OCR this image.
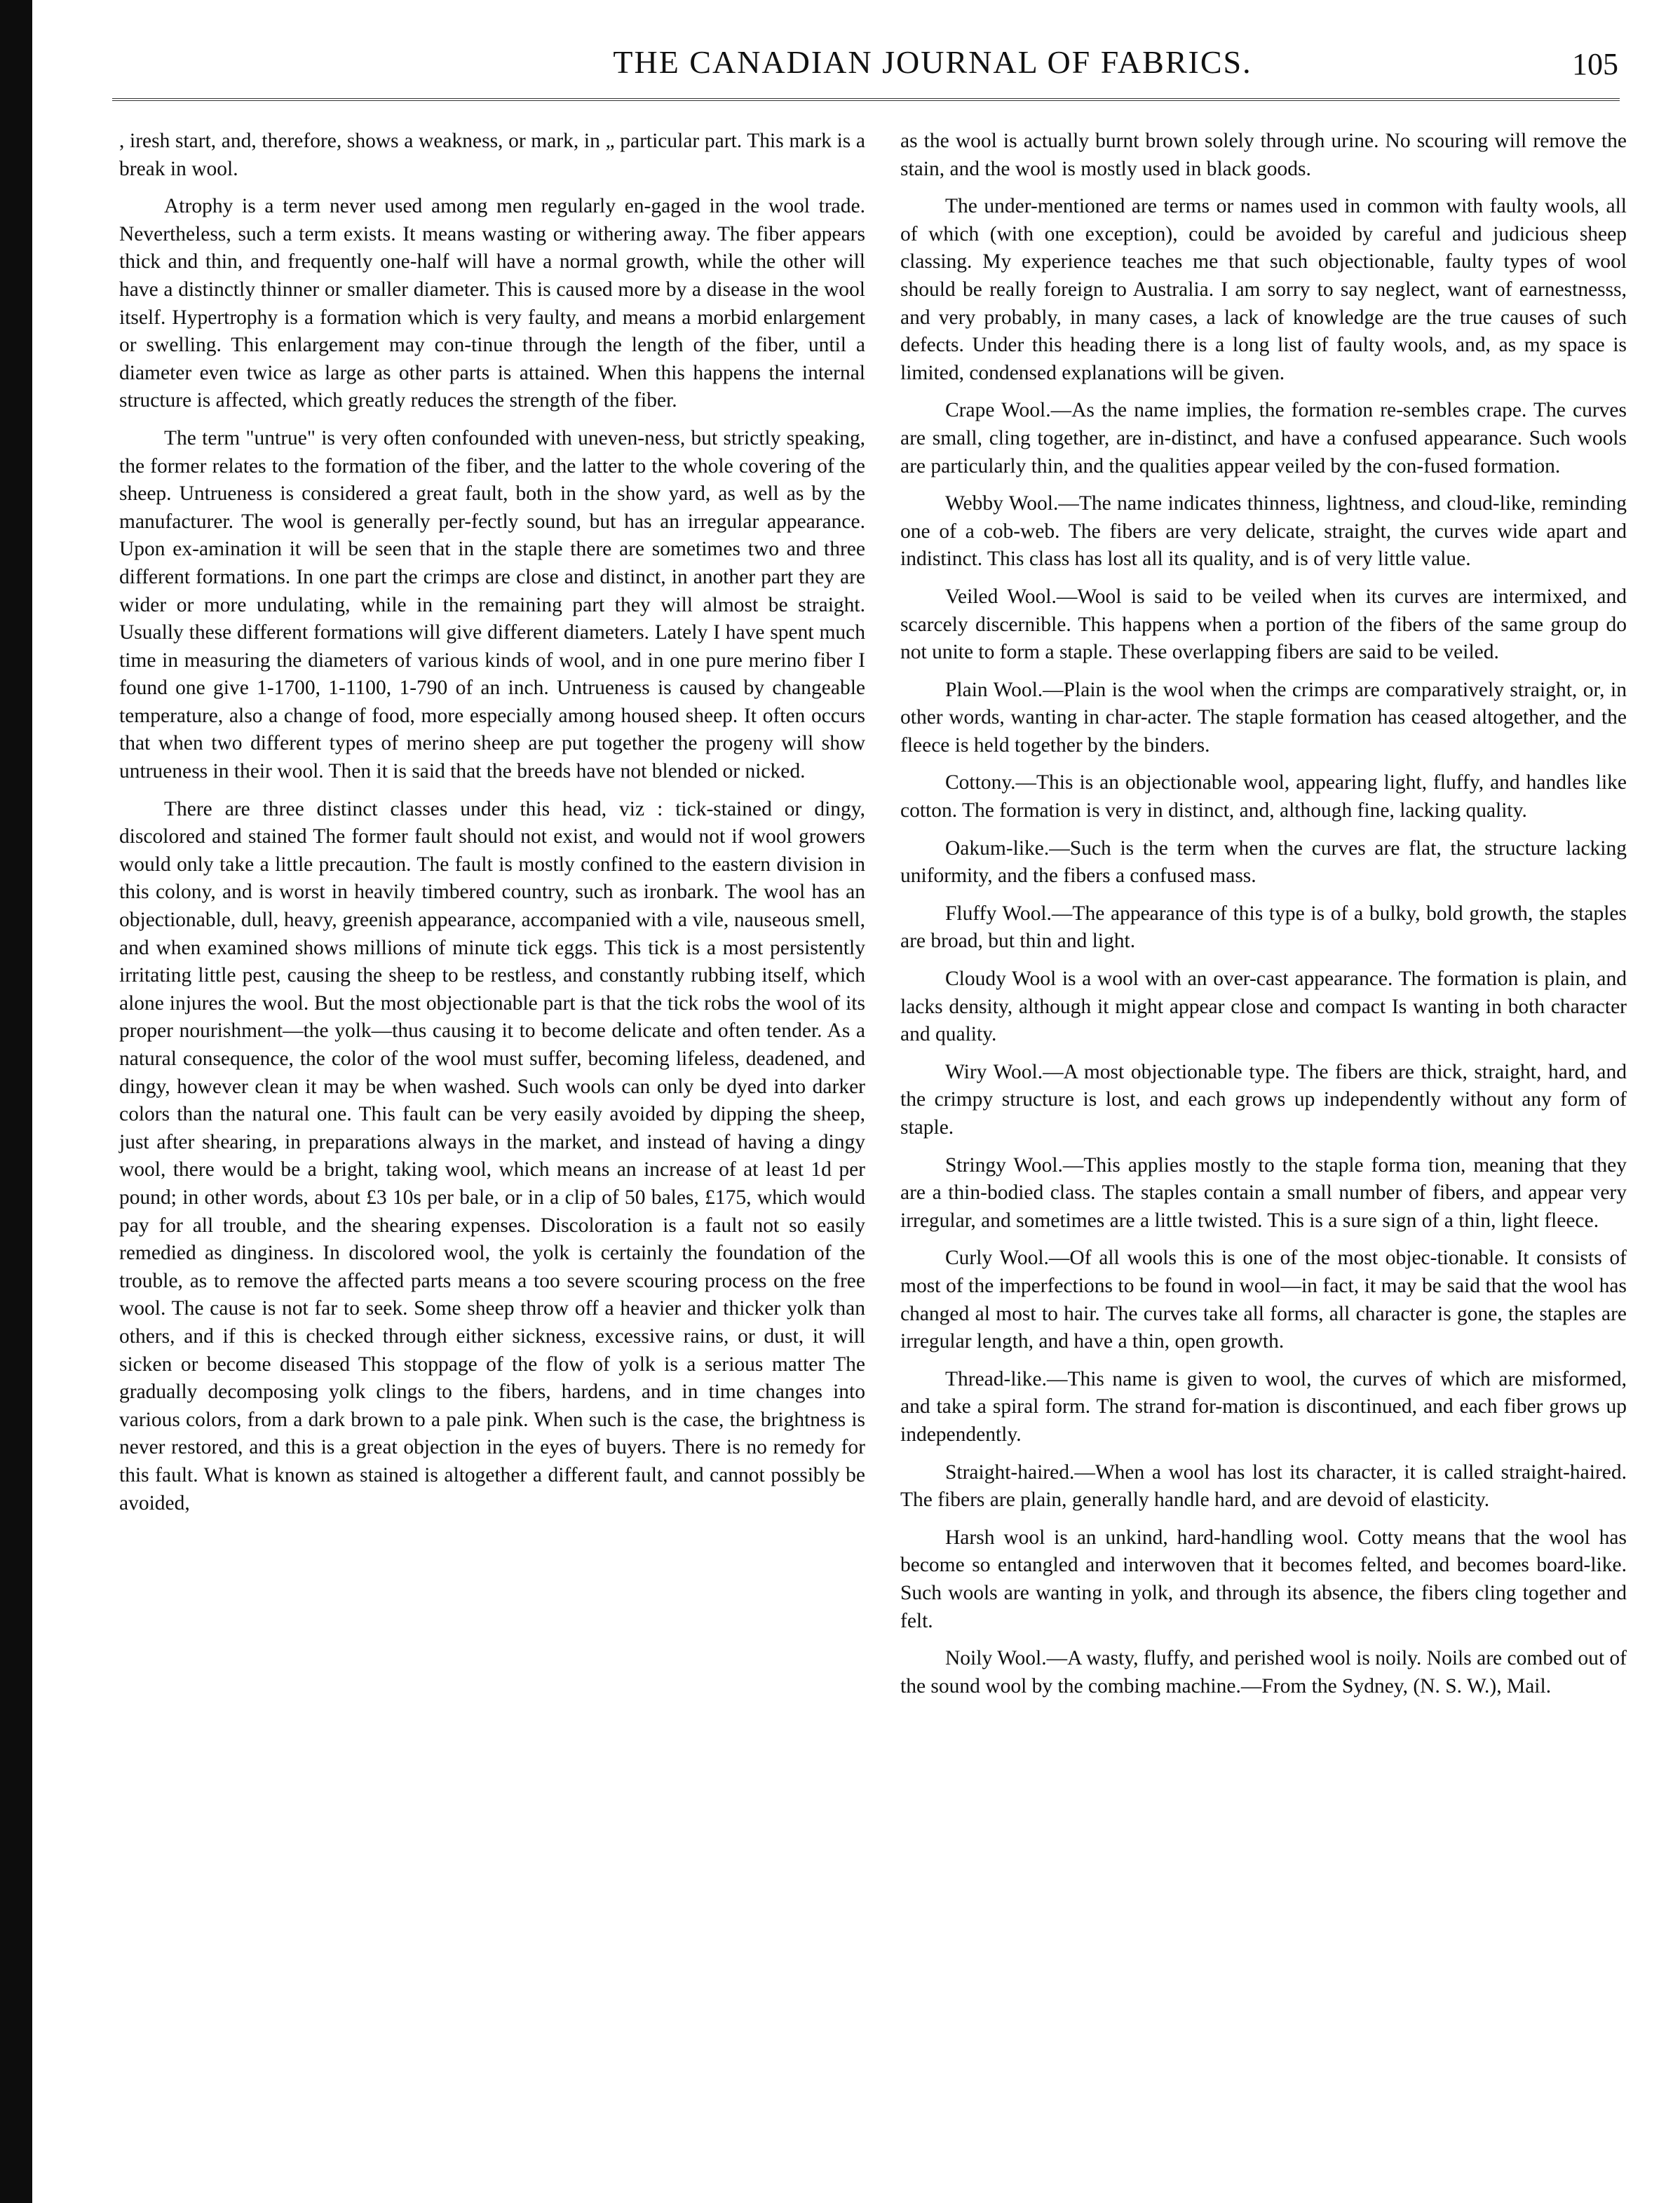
THE CANADIAN JOURNAL OF FABRICS.	105

, iresh start, and, therefore, shows a weakness, or mark, in „ particular part. This mark is a break in wool.

Atrophy is a term never used among men regularly en-gaged in the wool trade. Nevertheless, such a term exists. It means wasting or withering away. The fiber appears thick and thin, and frequently one-half will have a normal growth, while the other will have a distinctly thinner or smaller diameter. This is caused more by a disease in the wool itself. Hypertrophy is a formation which is very faulty, and means a morbid enlargement or swelling. This enlargement may con-tinue through the length of the fiber, until a diameter even twice as large as other parts is attained. When this happens the internal structure is affected, which greatly reduces the strength of the fiber.

The term "untrue" is very often confounded with uneven-ness, but strictly speaking, the former relates to the formation of the fiber, and the latter to the whole covering of the sheep. Untrueness is considered a great fault, both in the show yard, as well as by the manufacturer. The wool is generally per-fectly sound, but has an irregular appearance. Upon ex-amination it will be seen that in the staple there are sometimes two and three different formations. In one part the crimps are close and distinct, in another part they are wider or more undulating, while in the remaining part they will almost be straight. Usually these different formations will give different diameters. Lately I have spent much time in measuring the diameters of various kinds of wool, and in one pure merino fiber I found one give 1-1700, 1-1100, 1-790 of an inch. Untrueness is caused by changeable temperature, also a change of food, more especially among housed sheep. It often occurs that when two different types of merino sheep are put together the progeny will show untrueness in their wool. Then it is said that the breeds have not blended or nicked.

There are three distinct classes under this head, viz : tick-stained or dingy, discolored and stained The former fault should not exist, and would not if wool growers would only take a little precaution. The fault is mostly confined to the eastern division in this colony, and is worst in heavily timbered country, such as ironbark. The wool has an objectionable, dull, heavy, greenish appearance, accompanied with a vile, nauseous smell, and when examined shows millions of minute tick eggs. This tick is a most persistently irritating little pest, causing the sheep to be restless, and constantly rubbing itself, which alone injures the wool. But the most objectionable part is that the tick robs the wool of its proper nourishment—the yolk—thus causing it to become delicate and often tender. As a natural consequence, the color of the wool must suffer, becoming lifeless, deadened, and dingy, however clean it may be when washed. Such wools can only be dyed into darker colors than the natural one. This fault can be very easily avoided by dipping the sheep, just after shearing, in preparations always in the market, and instead of having a dingy wool, there would be a bright, taking wool, which means an increase of at least 1d per pound; in other words, about £3 10s per bale, or in a clip of 50 bales, £175, which would pay for all trouble, and the shearing expenses. Discoloration is a fault not so easily remedied as dinginess. In discolored wool, the yolk is certainly the foundation of the trouble, as to remove the affected parts means a too severe scouring process on the free wool. The cause is not far to seek. Some sheep throw off a heavier and thicker yolk than others, and if this is checked through either sickness, excessive rains, or dust, it will sicken or become diseased This stoppage of the flow of yolk is a serious matter The gradually decomposing yolk clings to the fibers, hardens, and in time changes into various colors, from a dark brown to a pale pink. When such is the case, the brightness is never restored, and this is a great objection in the eyes of buyers. There is no remedy for this fault. What is known as stained is altogether a different fault, and cannot possibly be avoided,

as the wool is actually burnt brown solely through urine. No scouring will remove the stain, and the wool is mostly used in black goods.

The under-mentioned are terms or names used in common with faulty wools, all of which (with one exception), could be avoided by careful and judicious sheep classing. My experience teaches me that such objectionable, faulty types of wool should be really foreign to Australia. I am sorry to say neglect, want of earnestnesss, and very probably, in many cases, a lack of knowledge are the true causes of such defects. Under this heading there is a long list of faulty wools, and, as my space is limited, condensed explanations will be given.

Crape Wool.—As the name implies, the formation re-sembles crape. The curves are small, cling together, are in-distinct, and have a confused appearance. Such wools are particularly thin, and the qualities appear veiled by the con-fused formation.

Webby Wool.—The name indicates thinness, lightness, and cloud-like, reminding one of a cob-web. The fibers are very delicate, straight, the curves wide apart and indistinct. This class has lost all its quality, and is of very little value.

Veiled Wool.—Wool is said to be veiled when its curves are intermixed, and scarcely discernible. This happens when a portion of the fibers of the same group do not unite to form a staple. These overlapping fibers are said to be veiled.

Plain Wool.—Plain is the wool when the crimps are comparatively straight, or, in other words, wanting in char-acter. The staple formation has ceased altogether, and the fleece is held together by the binders.

Cottony.—This is an objectionable wool, appearing light, fluffy, and handles like cotton. The formation is very in distinct, and, although fine, lacking quality.

Oakum-like.—Such is the term when the curves are flat, the structure lacking uniformity, and the fibers a confused mass.

Fluffy Wool.—The appearance of this type is of a bulky, bold growth, the staples are broad, but thin and light.

Cloudy Wool is a wool with an over-cast appearance. The formation is plain, and lacks density, although it might appear close and compact Is wanting in both character and quality.

Wiry Wool.—A most objectionable type. The fibers are thick, straight, hard, and the crimpy structure is lost, and each grows up independently without any form of staple.

Stringy Wool.—This applies mostly to the staple forma tion, meaning that they are a thin-bodied class. The staples contain a small number of fibers, and appear very irregular, and sometimes are a little twisted. This is a sure sign of a thin, light fleece.

Curly Wool.—Of all wools this is one of the most objec-tionable. It consists of most of the imperfections to be found in wool—in fact, it may be said that the wool has changed al most to hair. The curves take all forms, all character is gone, the staples are irregular length, and have a thin, open growth.

Thread-like.—This name is given to wool, the curves of which are misformed, and take a spiral form. The strand for-mation is discontinued, and each fiber grows up independently.

Straight-haired.—When a wool has lost its character, it is called straight-haired. The fibers are plain, generally handle hard, and are devoid of elasticity.

Harsh wool is an unkind, hard-handling wool. Cotty means that the wool has become so entangled and interwoven that it becomes felted, and becomes board-like. Such wools are wanting in yolk, and through its absence, the fibers cling together and felt.

Noily Wool.—A wasty, fluffy, and perished wool is noily. Noils are combed out of the sound wool by the combing machine.—From the Sydney, (N. S. W.), Mail.
